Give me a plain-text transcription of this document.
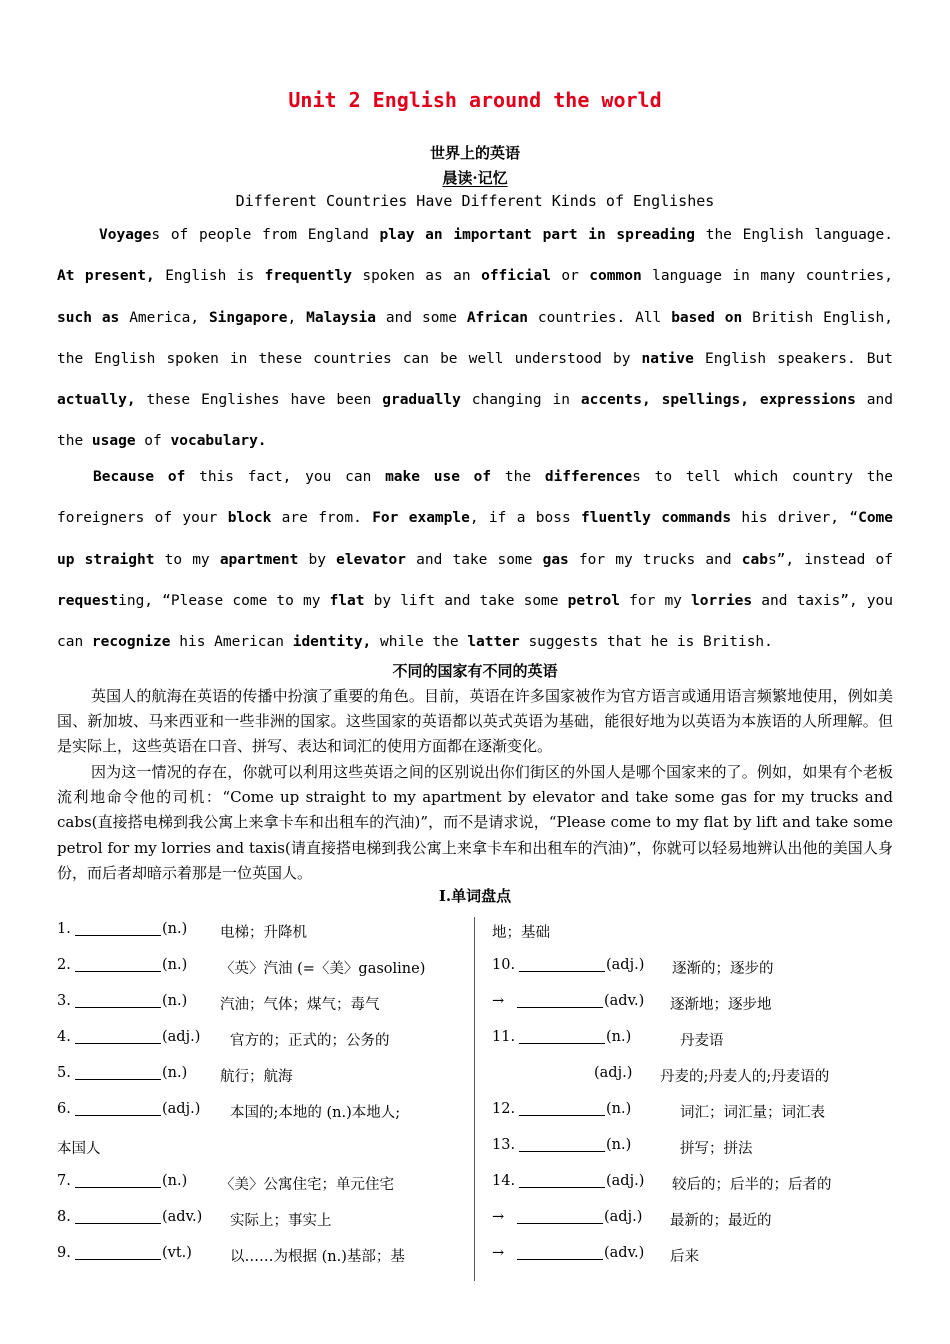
Unit 2 English around the world
世界上的英语
晨读·记忆
Different Countries Have Different Kinds of Englishes
Voyages of people from England play an important part in spreading the English language. At present, English is frequently spoken as an official or common language in many countries, such as America, Singapore, Malaysia and some African countries. All based on British English, the English spoken in these countries can be well understood by native English speakers. But actually, these Englishes have been gradually changing in accents, spellings, expressions and the usage of vocabulary.
Because of this fact, you can make use of the differences to tell which country the foreigners of your block are from. For example, if a boss fluently commands his driver, “Come up straight to my apartment by elevator and take some gas for my trucks and cabs”, instead of requesting, “Please come to my flat by lift and take some petrol for my lorries and taxis”, you can recognize his American identity, while the latter suggests that he is British.
不同的国家有不同的英语
英国人的航海在英语的传播中扮演了重要的角色。目前，英语在许多国家被作为官方语言或通用语言频繁地使用，例如美国、新加坡、马来西亚和一些非洲的国家。这些国家的英语都以英式英语为基础，能很好地为以英语为本族语的人所理解。但是实际上，这些英语在口音、拼写、表达和词汇的使用方面都在逐渐变化。
因为这一情况的存在，你就可以利用这些英语之间的区别说出你们街区的外国人是哪个国家来的了。例如，如果有个老板流利地命令他的司机：“Come up straight to my apartment by elevator and take some gas for my trucks and cabs(直接搭电梯到我公寓上来拿卡车和出租车的汽油)”，而不是请求说，“Please come to my flat by lift and take some petrol for my lorries and taxis(请直接搭电梯到我公寓上来拿卡车和出租车的汽油)”，你就可以轻易地辨认出他的美国人身份，而后者却暗示着那是一位英国人。
I.单词盘点
1.	(n.) 电梯；升降机
2.	(n.) 〈英〉汽油 (=〈美〉gasoline)
3.	(n.) 汽油；气体；煤气；毒气
4.	(adj.) 官方的；正式的；公务的
5.	(n.) 航行；航海
6.	(adj.) 本国的;本地的 (n.)本地人;
本国人
7.	(n.) 〈美〉公寓住宅；单元住宅
8.	(adv.) 实际上；事实上
9.	(vt.)	以……为根据 (n.)基部；基
地；基础
10.	(adj.) 逐渐的；逐步的
→	(adv.) 逐渐地；逐步地
11.	(n.)	丹麦语
(adj.) 丹麦的;丹麦人的;丹麦语的
12.	(n.)	词汇；词汇量；词汇表
13.	(n.)	拼写；拼法
14.	(adj.) 较后的；后半的；后者的
→	(adj.) 最新的；最近的
→	(adv.) 后来
